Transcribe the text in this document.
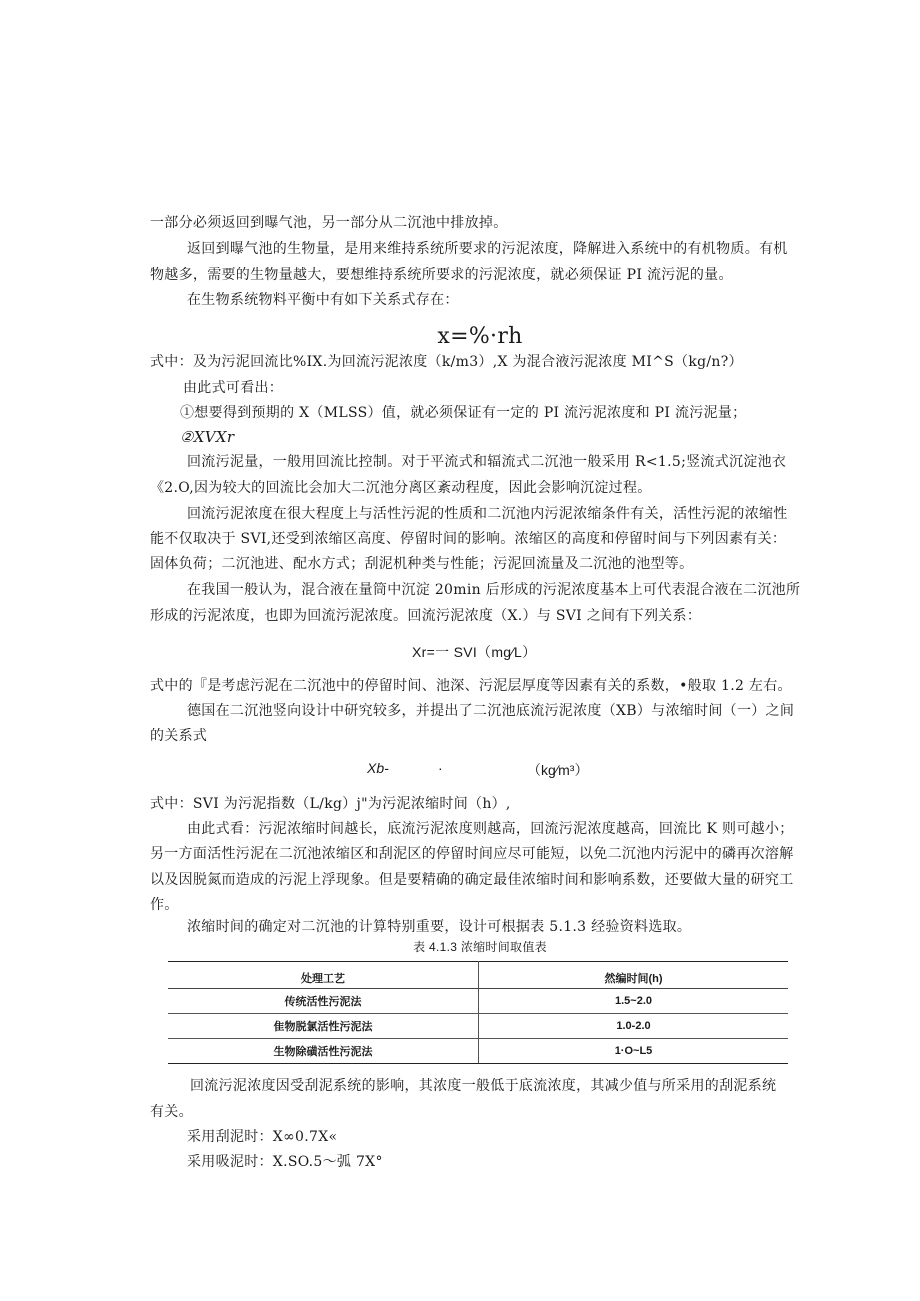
一部分必须返回到曝气池，另一部分从二沉池中排放掉。
返回到曝气池的生物量，是用来维持系统所要求的污泥浓度，降解进入系统中的有机物质。有机
物越多，需要的生物量越大，要想维持系统所要求的污泥浓度，就必须保证 PI 流污泥的量。
在生物系统物料平衡中有如下关系式存在：
x=%·rh
式中：及为污泥回流比%IX.为回流污泥浓度（k/m3）,X 为混合液污泥浓度 MI^S（kg/n?）
由此式可看出：
①想要得到预期的 X（MLSS）值，就必须保证有一定的 PI 流污泥浓度和 PI 流污泥量；
②XVXr
回流污泥量，一般用回流比控制。对于平流式和辐流式二沉池一般采用 R<1.5;竖流式沉淀池衣
《2.O,因为较大的回流比会加大二沉池分离区紊动程度，因此会影响沉淀过程。
回流污泥浓度在很大程度上与活性污泥的性质和二沉池内污泥浓缩条件有关，活性污泥的浓缩性
能不仅取决于 SVI,还受到浓缩区高度、停留时间的影响。浓缩区的高度和停留时间与下列因素有关：
固体负荷；二沉池进、配水方式；刮泥机种类与性能；污泥回流量及二沉池的池型等。
在我国一般认为，混合液在量筒中沉淀 20min 后形成的污泥浓度基本上可代表混合液在二沉池所
形成的污泥浓度，也即为回流污泥浓度。回流污泥浓度（X.）与 SVI 之间有下列关系：
Xr=一 SVI（mg∕L）
式中的『是考虑污泥在二沉池中的停留时间、池深、污泥层厚度等因素有关的系数，•般取 1.2 左右。
德国在二沉池竖向设计中研究较多，并提出了二沉池底流污泥浓度（XB）与浓缩时间（一）之间
的关系式
Xb-	·	（kg∕m³）
式中：SVI 为污泥指数（L∕kg）j"为污泥浓缩时间（h）,
由此式看：污泥浓缩时间越长，底流污泥浓度则越高，回流污泥浓度越高，回流比 K 则可越小；
另一方面活性污泥在二沉池浓缩区和刮泥区的停留时间应尽可能短，以免二沉池内污泥中的磷再次溶解
以及因脱氮而造成的污泥上浮现象。但是要精确的确定最佳浓缩时间和影响系数，还要做大量的研究工
作。
浓缩时间的确定对二沉池的计算特别重要，设计可根据表 5.1.3 经验资料选取。
表 4.1.3 浓缩时间取值表
处理工艺	然编时间(h)
传统活性污泥法	1.5~2.0
隹物脱氯活性污泥法	1.0-2.0
生物除磺活性污泥法	1·O~L5
回流污泥浓度因受刮泥系统的影响，其浓度一般低于底流浓度，其减少值与所采用的刮泥系统
有关。
采用刮泥时：X∞0.7X«
采用吸泥时：X.SO.5～弧 7X°
